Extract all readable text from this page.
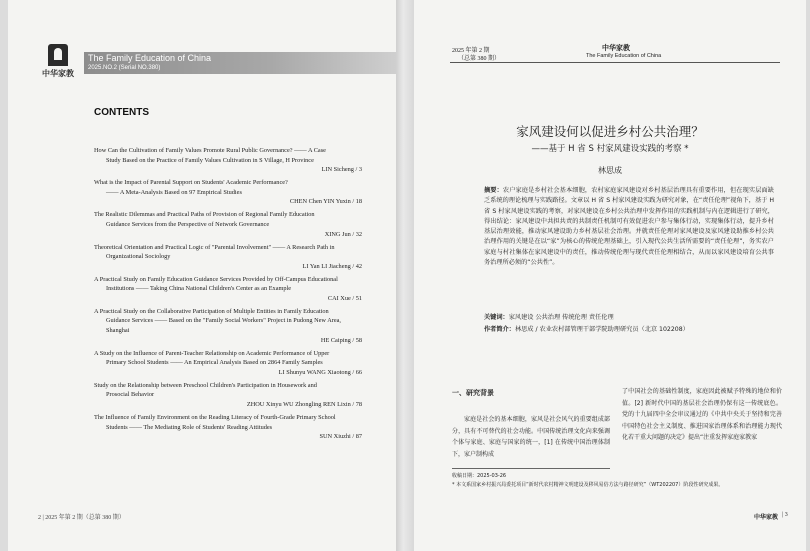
中华家教
The Family Education of China
2025.NO.2 (Serial NO.380)
CONTENTS
How Can the Cultivation of Family Values Promote Rural Public Governance? —— A Case
Study Based on the Practice of Family Values Cultivation in S Village, H Province
LIN Sicheng / 3
What is the Impact of Parental Support on Students' Academic Performance?
—— A Meta-Analysis Based on 97 Empirical Studies
CHEN Chen YIN Yuxin / 18
The Realistic Dilemmas and Practical Paths of Provision of Regional Family Education
Guidance Services from the Perspective of Network Governance
XING Jun / 32
Theoretical Orientation and Practical Logic of "Parental Involvement" —— A Research Path in
Organizational Sociology
LI Yan LI Jiacheng / 42
A Practical Study on Family Education Guidance Services Provided by Off-Campus Educational
Institutions —— Taking China National Children's Center as an Example
CAI Xue / 51
A Practical Study on the Collaborative Participation of Multiple Entities in Family Education
Guidance Services —— Based on the "Family Social Workers" Project in Pudong New Area, Shanghai
HE Caiping / 58
A Study on the Influence of Parent-Teacher Relationship on Academic Performance of Upper
Primary School Students —— An Empirical Analysis Based on 2864 Family Samples
LI Shunyu WANG Xiaotong / 66
Study on the Relationship between Preschool Children's Participation in Housework and
Prosocial Behavior
ZHOU Xinyu WU Zhongling REN Lixin / 78
The Influence of Family Environment on the Reading Literacy of Fourth-Grade Primary School
Students —— The Mediating Role of Students' Reading Attitudes
SUN Xiuzhi / 87
2 | 2025 年第 2 期（总第 380 期）
2025 年第 2 期
（总第 380 期）
中华家教
The Family Education of China
家风建设何以促进乡村公共治理？
——基于 H 省 S 村家风建设实践的考察 *
林思成
摘要：农户家庭是乡村社会基本细胞，农村家庭家风建设对乡村基层治理具有重要作用，但在现实层面缺乏系统的理论梳理与实践路径。文章以 H 省 S 村家风建设实践为研究对象，在“责任伦理”视角下，基于 H 省 S 村家风建设实践的考察，对家风建设在乡村公共治理中发挥作用的实践机制与内在逻辑进行了研究，得出结论：家风建设中共担共责的共制责任机制可有效促进农户参与集体行动，实现集体行动，提升乡村基层治理效能，推动家风建设助力乡村基层社会治理。并就责任伦理对家风建设及家风建设助推乡村公共治理作用的关键是在以“家”为核心的传统伦理基础上，引入现代公共生活所需要的“责任伦理”，务实农户家庭与村社集体在家风建设中的责任，推动传统伦理与现代责任伦理相结合，从而以家风建设培育公共事务治理所必须的“公共性”。
关键词：家风建设 公共治理 传统伦理 责任伦理
作者简介：林思成 / 农业农村部管理干部学院助理研究员（北京 102208）
一、研究背景
家庭是社会的基本细胞，家风是社会风气的重要组成部分，具有不可替代的社会功能。中国传统治理文化向来强调个体与家庭、家庭与国家的统一，[1] 在传统中国治理体制下，家户制构成
了中国社会的基础性制度，家庭因此被赋予特殊的地位和价值。[2] 新时代中国的基层社会治理仍保有这一传统底色。党的十九届四中全会审议通过的《中共中央关于坚持和完善中国特色社会主义制度、推进国家治理体系和治理能力现代化若干重大问题的决定》提出“注重发挥家庭家教家
收稿日期：2025-03-26
* 本文系国家乡村振兴局委托项目“新时代农村精神文明建设及移风易俗方法与路径研究”（WT202207）阶段性研究成果。
中华家教 | 3
